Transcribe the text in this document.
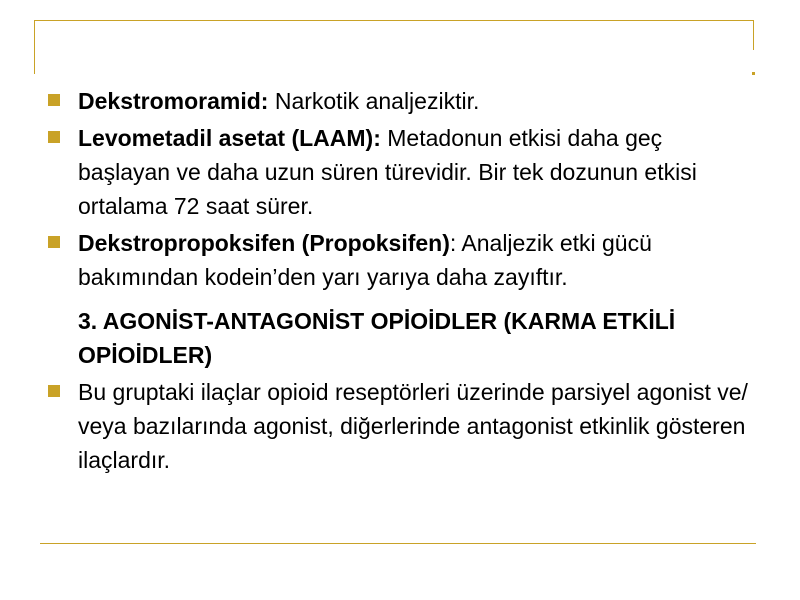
Dekstromoramid: Narkotik analjeziktir.
Levometadil asetat (LAAM): Metadonun etkisi daha geç başlayan ve daha uzun süren türevidir. Bir tek dozunun etkisi ortalama 72 saat sürer.
Dekstropropoksifen (Propoksifen): Analjezik etki gücü bakımından kodein’den yarı yarıya daha zayıftır.
3. AGONİST-ANTAGONİST OPİOİDLER (KARMA ETKİLİ OPİOİDLER)
Bu gruptaki ilaçlar opioid reseptörleri üzerinde parsiyel agonist ve/ veya bazılarında agonist, diğerlerinde antagonist etkinlik gösteren ilaçlardır.
